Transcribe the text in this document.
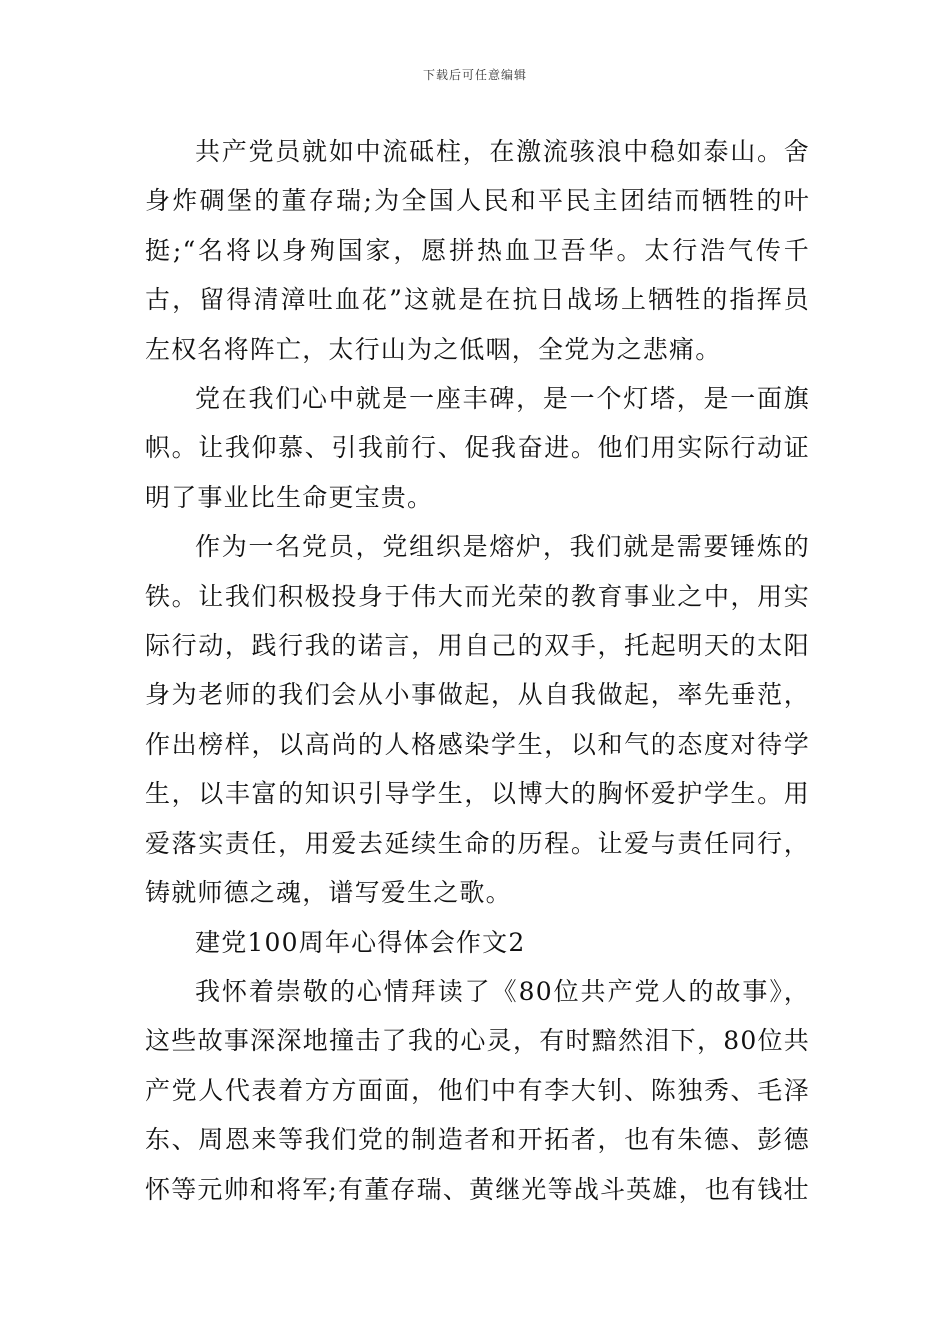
下载后可任意编辑

共产党员就如中流砥柱，在激流骇浪中稳如泰山。舍身炸碉堡的董存瑞;为全国人民和平民主团结而牺牲的叶挺;“名将以身殉国家，愿拼热血卫吾华。太行浩气传千古，留得清漳吐血花”这就是在抗日战场上牺牲的指挥员左权名将阵亡，太行山为之低咽，全党为之悲痛。

党在我们心中就是一座丰碑，是一个灯塔，是一面旗帜。让我仰慕、引我前行、促我奋进。他们用实际行动证明了事业比生命更宝贵。

作为一名党员，党组织是熔炉，我们就是需要锤炼的铁。让我们积极投身于伟大而光荣的教育事业之中，用实际行动，践行我的诺言，用自己的双手，托起明天的太阳身为老师的我们会从小事做起，从自我做起，率先垂范，作出榜样，以高尚的人格感染学生，以和气的态度对待学生，以丰富的知识引导学生，以博大的胸怀爱护学生。用爱落实责任，用爱去延续生命的历程。让爱与责任同行，铸就师德之魂，谱写爱生之歌。

建党100周年心得体会作文2

我怀着崇敬的心情拜读了《80位共产党人的故事》，这些故事深深地撞击了我的心灵，有时黯然泪下，80位共产党人代表着方方面面，他们中有李大钊、陈独秀、毛泽东、周恩来等我们党的制造者和开拓者，也有朱德、彭德怀等元帅和将军;有董存瑞、黄继光等战斗英雄，也有钱壮
